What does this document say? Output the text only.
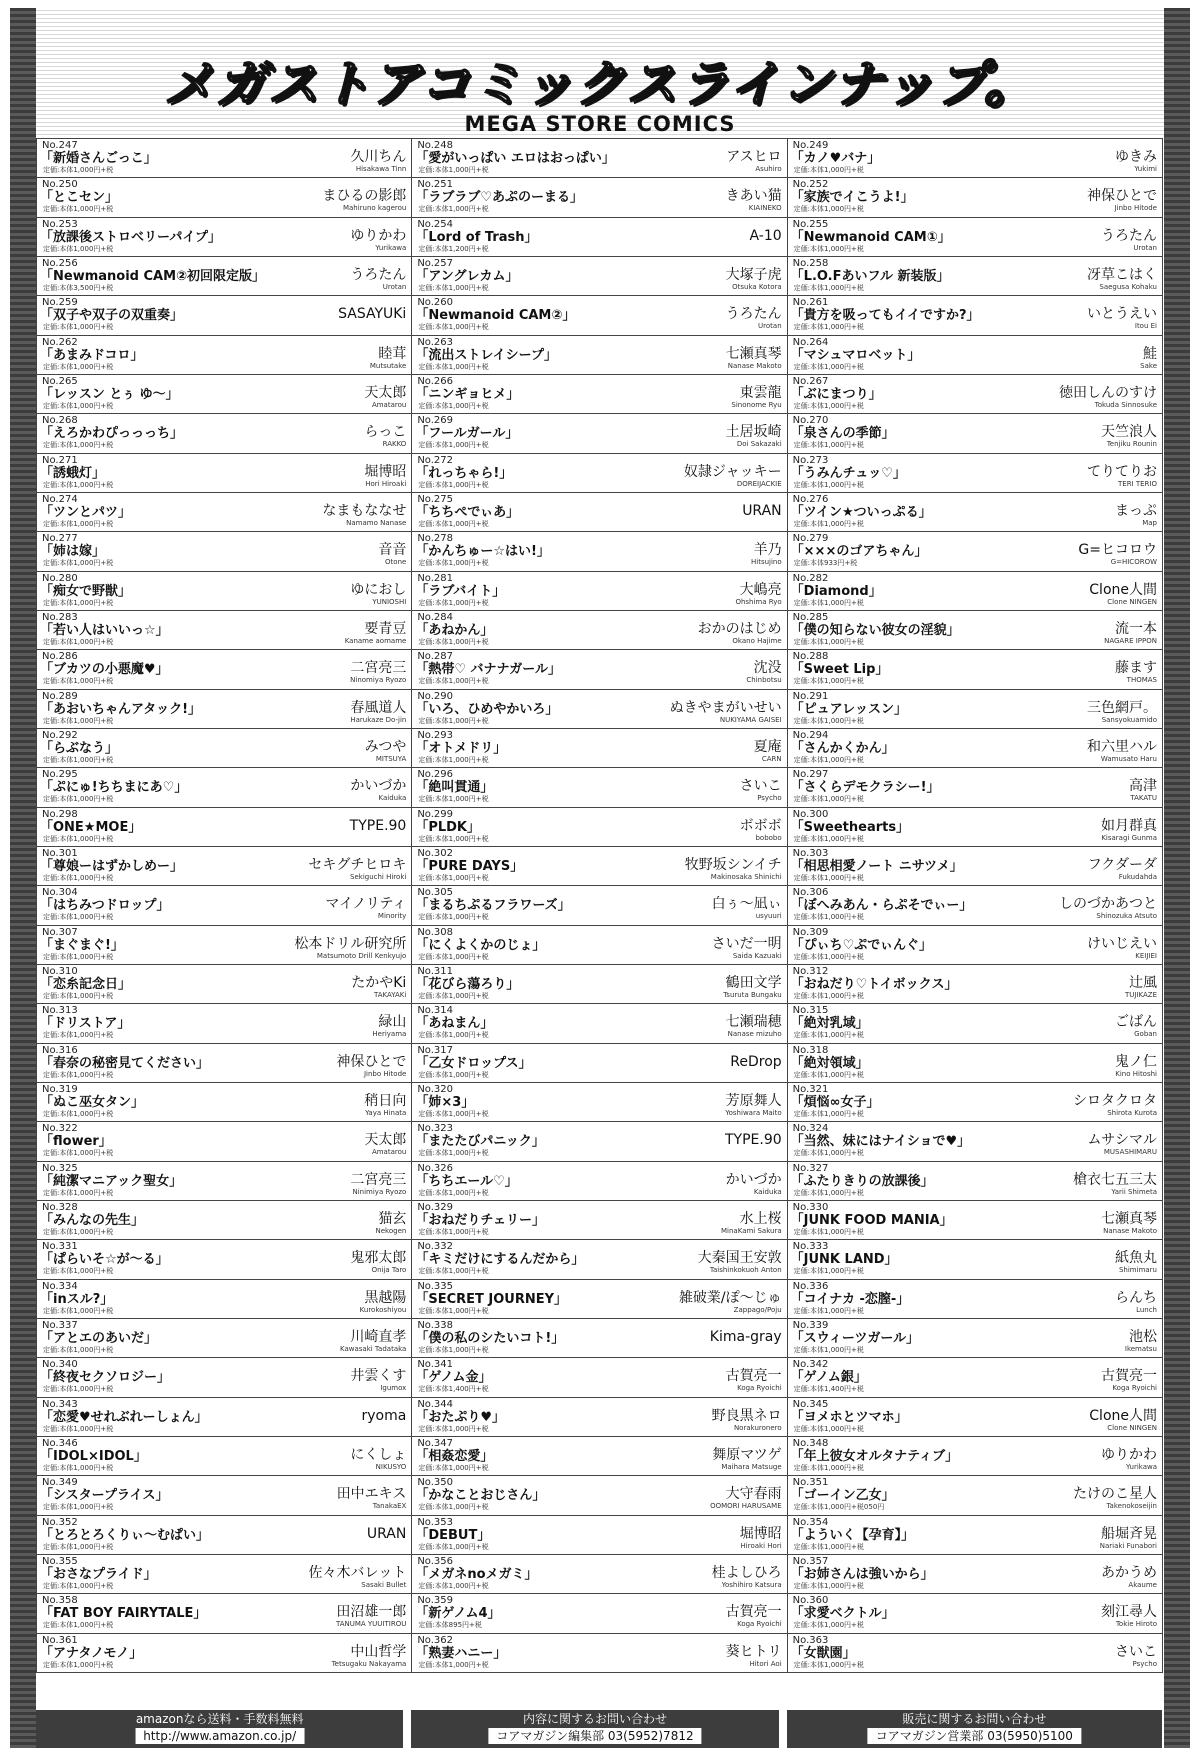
メガストアコミックスラインナップ。
MEGA STORE COMICS
No.247
「新婚さんごっこ」
定価:本体1,000円+税
久川ちん
Hisakawa Tinn
No.248
「愛がいっぱい エロはおっぱい」
定価:本体1,000円+税
アスヒロ
Asuhiro
No.249
「カノ♥バナ」
定価:本体1,000円+税
ゆきみ
Yukimi
No.250
「とこセン」
定価:本体1,000円+税
まひるの影郎
Mahiruno kagerou
No.251
「ラブラブ♡あぷのーまる」
定価:本体1,000円+税
きあい猫
KIAINEKO
No.252
「家族でイこうよ!」
定価:本体1,000円+税
神保ひとで
Jinbo Hitode
No.253
「放課後ストロベリーパイプ」
定価:本体1,000円+税
ゆりかわ
Yurikawa
No.254
「Lord of Trash」
定価:本体1,200円+税
A-10
No.255
「Newmanoid CAM①」
定価:本体1,000円+税
うろたん
Urotan
No.256
「Newmanoid CAM②初回限定版」
定価:本体3,500円+税
うろたん
Urotan
No.257
「アングレカム」
定価:本体1,000円+税
大塚子虎
Otsuka Kotora
No.258
「L.O.Fあいフル 新装版」
定価:本体1,000円+税
冴草こはく
Saegusa Kohaku
No.259
「双子や双子の双重奏」
定価:本体1,000円+税
SASAYUKi
No.260
「Newmanoid CAM②」
定価:本体1,000円+税
うろたん
Urotan
No.261
「貴方を吸ってもイイですか?」
定価:本体1,000円+税
いとうえい
Itou Ei
No.262
「あまみドコロ」
定価:本体1,000円+税
睦茸
Mutsutake
No.263
「流出ストレイシープ」
定価:本体1,000円+税
七瀬真琴
Nanase Makoto
No.264
「マシュマロベット」
定価:本体1,000円+税
鮭
Sake
No.265
「レッスン とぅ ゆ〜」
定価:本体1,000円+税
天太郎
Amatarou
No.266
「ニンギョヒメ」
定価:本体1,000円+税
東雲龍
Sinonome Ryu
No.267
「ぶにまつり」
定価:本体1,000円+税
徳田しんのすけ
Tokuda Sinnosuke
No.268
「えろかわぴっっっち」
定価:本体1,000円+税
らっこ
RAKKO
No.269
「フールガール」
定価:本体1,000円+税
土居坂崎
Doi Sakazaki
No.270
「泉さんの季節」
定価:本体1,000円+税
天竺浪人
Tenjiku Rounin
No.271
「誘蛾灯」
定価:本体1,000円+税
堀博昭
Hori Hiroaki
No.272
「れっちゃら!」
定価:本体1,000円+税
奴隷ジャッキー
DOREIJACKIE
No.273
「うみんチュッ♡」
定価:本体1,000円+税
てりてりお
TERI TERIO
No.274
「ツンとパツ」
定価:本体1,000円+税
なまもななせ
Namamo Nanase
No.275
「ちちぺでぃあ」
定価:本体1,000円+税
URAN
No.276
「ツイン★ついっぷる」
定価:本体1,000円+税
まっぷ
Map
No.277
「姉は嫁」
定価:本体1,000円+税
音音
Otone
No.278
「かんちゅー☆はい!」
定価:本体1,000円+税
羊乃
Hitsujino
No.279
「×××のゴアちゃん」
定価:本体933円+税
G=ヒコロウ
G=HICOROW
No.280
「痴女で野獣」
定価:本体1,000円+税
ゆにおし
YUNIOSHI
No.281
「ラブバイト」
定価:本体1,000円+税
大嶋亮
Ohshima Ryo
No.282
「Diamond」
定価:本体1,000円+税
Clone人間
Clone NINGEN
No.283
「若い人はいいっ☆」
定価:本体1,000円+税
要青豆
Kaname aomame
No.284
「あねかん」
定価:本体1,000円+税
おかのはじめ
Okano Hajime
No.285
「僕の知らない彼女の淫貌」
定価:本体1,000円+税
流一本
NAGARE IPPON
No.286
「ブカツの小悪魔♥」
定価:本体1,000円+税
二宮亮三
Ninomiya Ryozo
No.287
「熱帯♡ バナナガール」
定価:本体1,000円+税
沈没
Chinbotsu
No.288
「Sweet Lip」
定価:本体1,000円+税
藤ます
THOMAS
No.289
「あおいちゃんアタック!」
定価:本体1,000円+税
春風道人
Harukaze Do-jin
No.290
「いろ、ひめやかいろ」
定価:本体1,000円+税
ぬきやまがいせい
NUKIYAMA GAISEI
No.291
「ピュアレッスン」
定価:本体1,000円+税
三色網戸。
Sansyokuamido
No.292
「らぶなう」
定価:本体1,000円+税
みつや
MITSUYA
No.293
「オトメドリ」
定価:本体1,000円+税
夏庵
CARN
No.294
「さんかくかん」
定価:本体1,000円+税
和六里ハル
Wamusato Haru
No.295
「ぷにゅ!ちちまにあ♡」
定価:本体1,000円+税
かいづか
Kaiduka
No.296
「絶叫貫通」
定価:本体1,000円+税
さいこ
Psycho
No.297
「さくらデモクラシー!」
定価:本体1,000円+税
高津
TAKATU
No.298
「ONE★MOE」
定価:本体1,000円+税
TYPE.90
No.299
「PLDK」
定価:本体1,000円+税
ボボボ
bobobo
No.300
「Sweethearts」
定価:本体1,000円+税
如月群真
Kisaragi Gunma
No.301
「尊娘ーはずかしめー」
定価:本体1,000円+税
セキグチヒロキ
Sekiguchi Hiroki
No.302
「PURE DAYS」
定価:本体1,000円+税
牧野坂シンイチ
Makinosaka Shinichi
No.303
「相思相愛ノート ニサツメ」
定価:本体1,000円+税
フクダーダ
Fukudahda
No.304
「はちみつドロップ」
定価:本体1,000円+税
マイノリティ
Minority
No.305
「まるちぷるフラワーズ」
定価:本体1,000円+税
白ぅ〜凪ぃ
usyuuri
No.306
「ぼへみあん・らぷそでぃー」
定価:本体1,000円+税
しのづかあつと
Shinozuka Atsuto
No.307
「まぐまぐ!」
定価:本体1,000円+税
松本ドリル研究所
Matsumoto Drill Kenkyujo
No.308
「にくよくかのじょ」
定価:本体1,000円+税
さいだ一明
Saida Kazuaki
No.309
「ぴぃち♡ぷでぃんぐ」
定価:本体1,000円+税
けいじえい
KEIJIEI
No.310
「恋糸記念日」
定価:本体1,000円+税
たかやKi
TAKAYAKi
No.311
「花びら蕩ろり」
定価:本体1,000円+税
鶴田文学
Tsuruta Bungaku
No.312
「おねだり♡トイボックス」
定価:本体1,000円+税
辻風
TUJIKAZE
No.313
「ドリストア」
定価:本体1,000円+税
緑山
Heriyama
No.314
「あねまん」
定価:本体1,000円+税
七瀬瑞穂
Nanase mizuho
No.315
「絶対乳域」
定価:本体1,000円+税
ごばん
Goban
No.316
「春奈の秘密見てください」
定価:本体1,000円+税
神保ひとで
Jinbo Hitode
No.317
「乙女ドロップス」
定価:本体1,000円+税
ReDrop
No.318
「絶対領域」
定価:本体1,000円+税
鬼ノ仁
Kino Hitoshi
No.319
「ぬこ巫女タン」
定価:本体1,000円+税
稍日向
Yaya Hinata
No.320
「姉×3」
定価:本体1,000円+税
芳原舞人
Yoshiwara Maito
No.321
「煩悩∞女子」
定価:本体1,000円+税
シロタクロタ
Shirota Kurota
No.322
「flower」
定価:本体1,000円+税
天太郎
Amatarou
No.323
「またたびパニック」
定価:本体1,000円+税
TYPE.90
No.324
「当然、妹にはナイショで♥」
定価:本体1,000円+税
ムサシマル
MUSASHIMARU
No.325
「純潔マニアック聖女」
定価:本体1,000円+税
二宮亮三
Ninimiya Ryozo
No.326
「ちちエール♡」
定価:本体1,000円+税
かいづか
Kaiduka
No.327
「ふたりきりの放課後」
定価:本体1,000円+税
槍衣七五三太
Yarii Shimeta
No.328
「みんなの先生」
定価:本体1,000円+税
猫玄
Nekogen
No.329
「おねだりチェリー」
定価:本体1,000円+税
水上桜
MinaKami Sakura
No.330
「JUNK FOOD MANIA」
定価:本体1,000円+税
七瀬真琴
Nanase Makoto
No.331
「ぱらいそ☆が〜る」
定価:本体1,000円+税
鬼邪太郎
Onija Taro
No.332
「キミだけにするんだから」
定価:本体1,000円+税
大秦国王安敦
Taishinkokuoh Anton
No.333
「JUNK LAND」
定価:本体1,000円+税
紙魚丸
Shimimaru
No.334
「inスル?」
定価:本体1,000円+税
黒越陽
Kurokoshiyou
No.335
「SECRET JOURNEY」
定価:本体1,000円+税
雑破業/ぽ〜じゅ
Zappago/Poju
No.336
「コイナカ -恋膣-」
定価:本体1,000円+税
らんち
Lunch
No.337
「アとエのあいだ」
定価:本体1,000円+税
川崎直孝
Kawasaki Tadataka
No.338
「僕の私のシたいコト!」
定価:本体1,000円+税
Kima-gray
No.339
「スウィーツガール」
定価:本体1,000円+税
池松
Ikematsu
No.340
「終夜セクソロジー」
定価:本体1,000円+税
井雲くす
Igumox
No.341
「ゲノム金」
定価:本体1,400円+税
古賀亮一
Koga Ryoichi
No.342
「ゲノム銀」
定価:本体1,400円+税
古賀亮一
Koga Ryoichi
No.343
「恋愛♥せれぶれーしょん」
定価:本体1,000円+税
ryoma
No.344
「おたぷり♥」
定価:本体1,000円+税
野良黒ネロ
Norakuronero
No.345
「ヨメホとツマホ」
定価:本体1,000円+税
Clone人間
Clone NINGEN
No.346
「IDOL×IDOL」
定価:本体1,000円+税
にくしょ
NIKUSYO
No.347
「相姦恋愛」
定価:本体1,000円+税
舞原マツゲ
Maihara Matsuge
No.348
「年上彼女オルタナティブ」
定価:本体1,000円+税
ゆりかわ
Yurikawa
No.349
「シスタープライス」
定価:本体1,000円+税
田中エキス
TanakaEX
No.350
「かなことおじさん」
定価:本体1,000円+税
大守春雨
OOMORI HARUSAME
No.351
「ゴーイン乙女」
定価:本体1,000円+税050円
たけのこ星人
Takenokoseijin
No.352
「とろとろくりぃ〜むぱい」
定価:本体1,000円+税
URAN
No.353
「DEBUT」
定価:本体1,000円+税
堀博昭
Hiroaki Hori
No.354
「よういく【孕育】」
定価:本体1,000円+税
船堀斉晃
Nariaki Funabori
No.355
「おさなプライド」
定価:本体1,000円+税
佐々木バレット
Sasaki Bullet
No.356
「メガネnoメガミ」
定価:本体1,000円+税
桂よしひろ
Yoshihiro Katsura
No.357
「お姉さんは強いから」
定価:本体1,000円+税
あかうめ
Akaume
No.358
「FAT BOY FAIRYTALE」
定価:本体1,000円+税
田沼雄一郎
TANUMA YUUITIROU
No.359
「新ゲノム4」
定価:本体895円+税
古賀亮一
Koga Ryoichi
No.360
「求愛ベクトル」
定価:本体1,000円+税
刻江尋人
Tokie Hiroto
No.361
「アナタノモノ」
定価:本体1,000円+税
中山哲学
Tetsugaku Nakayama
No.362
「熟妻ハニー」
定価:本体1,000円+税
葵ヒトリ
Hitori Aoi
No.363
「女獣園」
定価:本体1,000円+税
さいこ
Psycho
amazonなら送料・手数料無料
http://www.amazon.co.jp/
内容に関するお問い合わせ
コアマガジン編集部 03(5952)7812
販売に関するお問い合わせ
コアマガジン営業部 03(5950)5100
